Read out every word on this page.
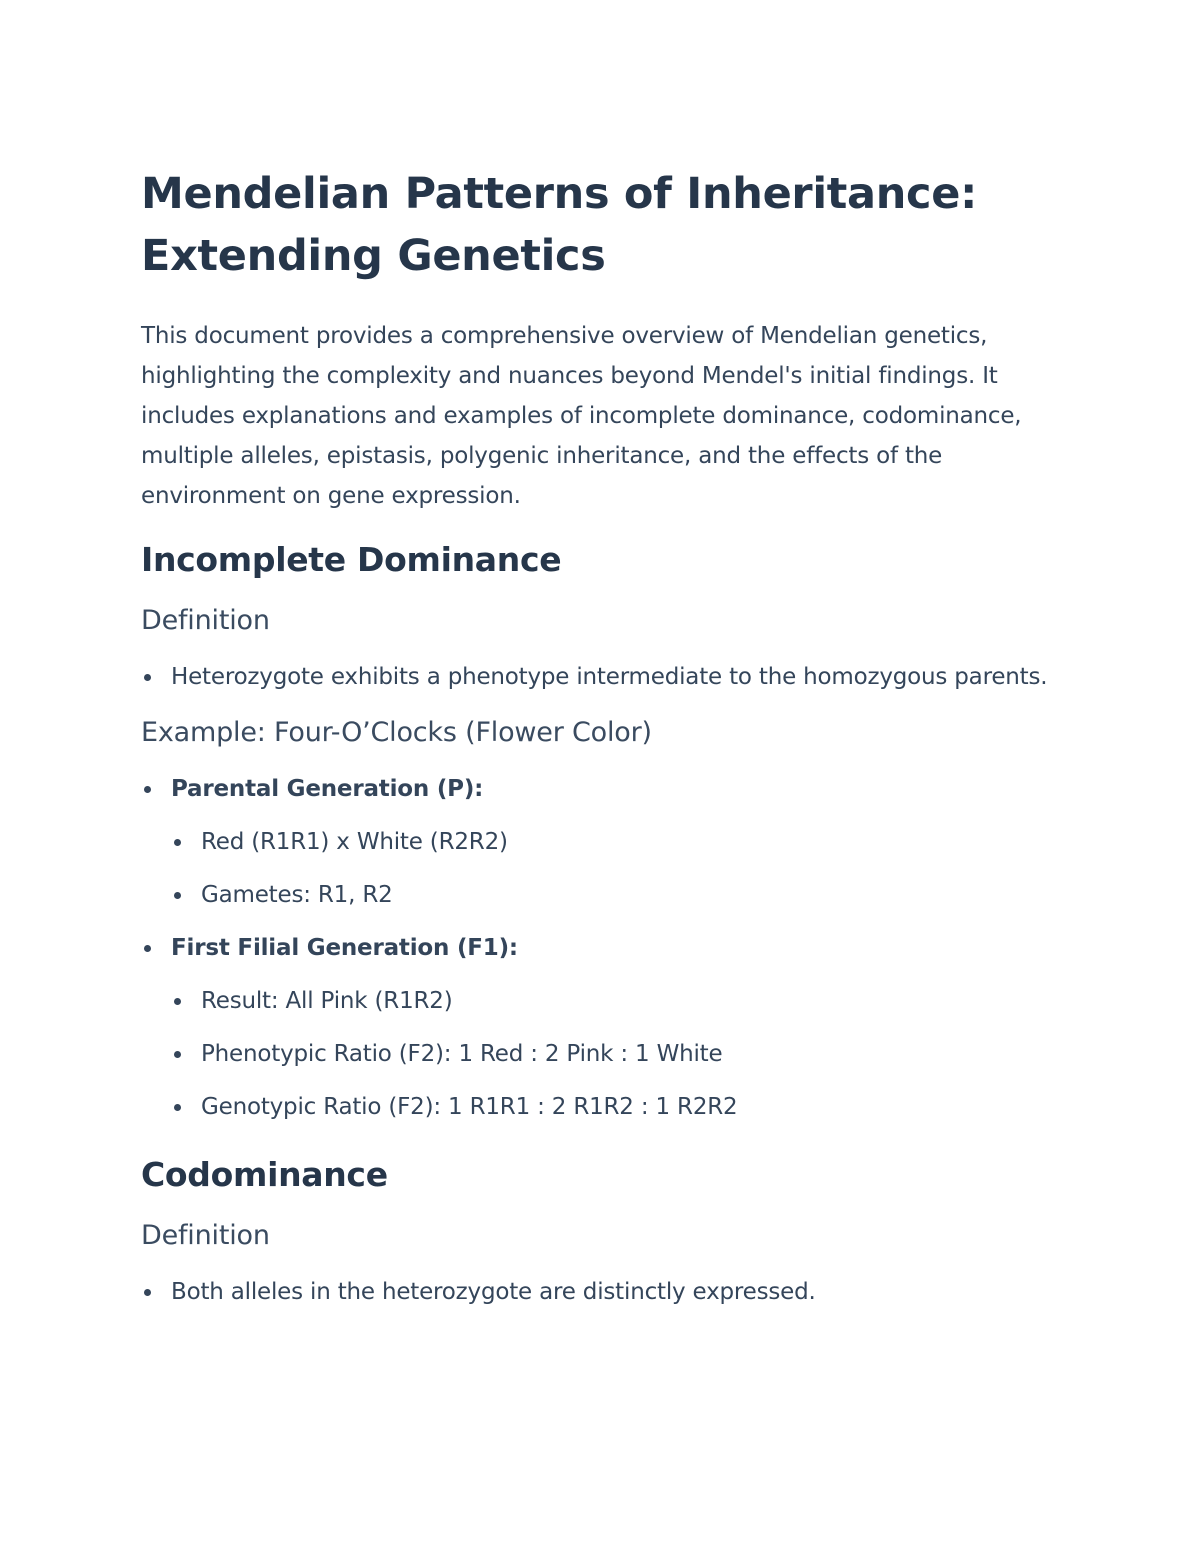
Mendelian Patterns of Inheritance: Extending Genetics

This document provides a comprehensive overview of Mendelian genetics, highlighting the complexity and nuances beyond Mendel's initial findings. It includes explanations and examples of incomplete dominance, codominance, multiple alleles, epistasis, polygenic inheritance, and the effects of the environment on gene expression.

Incomplete Dominance
Definition
Heterozygote exhibits a phenotype intermediate to the homozygous parents.
Example: Four-O’Clocks (Flower Color)
Parental Generation (P):
Red (R1R1) x White (R2R2)
Gametes: R1, R2
First Filial Generation (F1):
Result: All Pink (R1R2)
Phenotypic Ratio (F2): 1 Red : 2 Pink : 1 White
Genotypic Ratio (F2): 1 R1R1 : 2 R1R2 : 1 R2R2
Codominance
Definition
Both alleles in the heterozygote are distinctly expressed.
